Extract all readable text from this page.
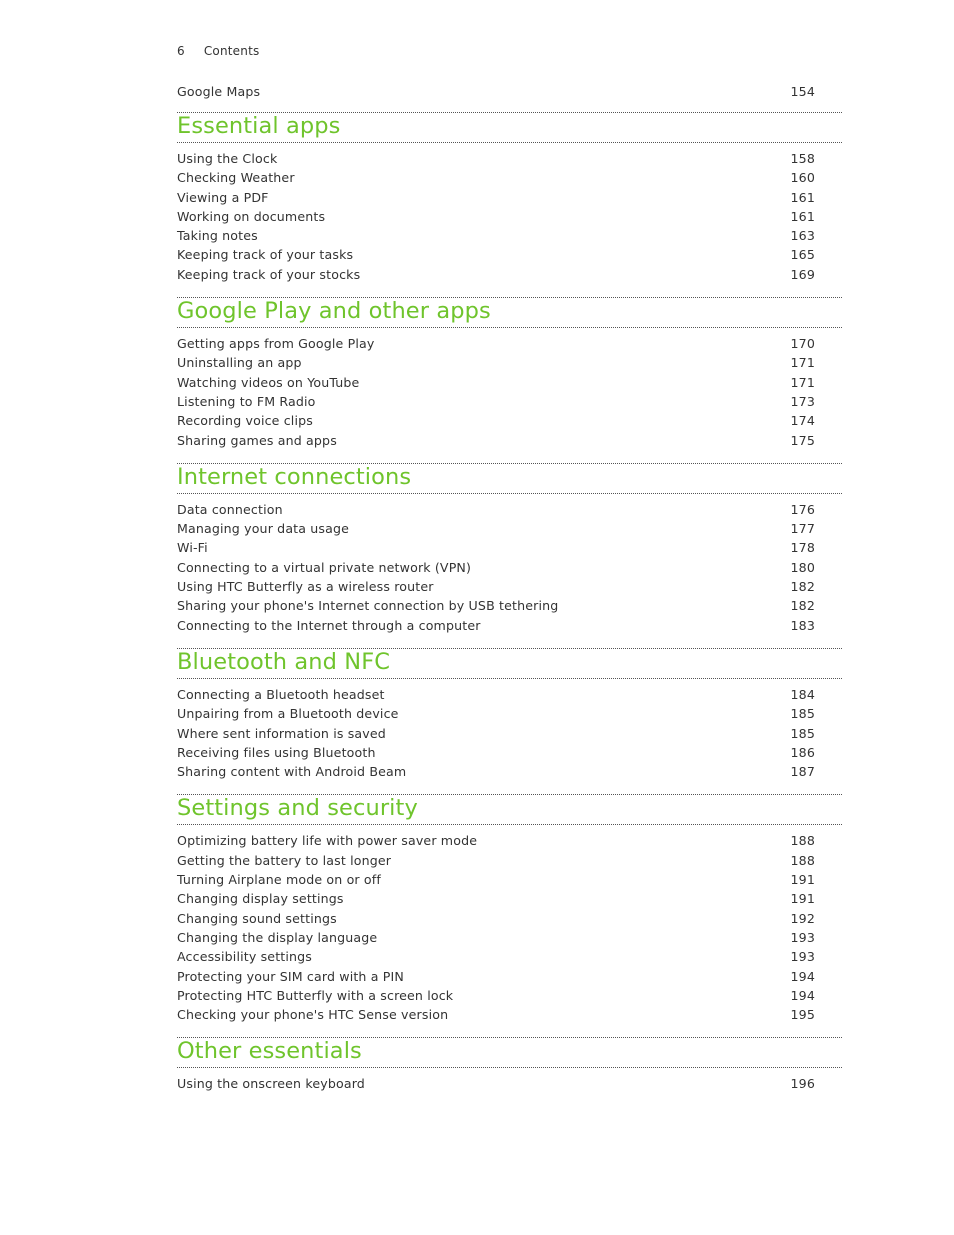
6 Contents
Google Maps	154
Essential apps
Using the Clock	158
Checking Weather	160
Viewing a PDF	161
Working on documents	161
Taking notes	163
Keeping track of your tasks	165
Keeping track of your stocks	169
Google Play and other apps
Getting apps from Google Play	170
Uninstalling an app	171
Watching videos on YouTube	171
Listening to FM Radio	173
Recording voice clips	174
Sharing games and apps	175
Internet connections
Data connection	176
Managing your data usage	177
Wi-Fi	178
Connecting to a virtual private network (VPN)	180
Using HTC Butterfly as a wireless router	182
Sharing your phone's Internet connection by USB tethering	182
Connecting to the Internet through a computer	183
Bluetooth and NFC
Connecting a Bluetooth headset	184
Unpairing from a Bluetooth device	185
Where sent information is saved	185
Receiving files using Bluetooth	186
Sharing content with Android Beam	187
Settings and security
Optimizing battery life with power saver mode	188
Getting the battery to last longer	188
Turning Airplane mode on or off	191
Changing display settings	191
Changing sound settings	192
Changing the display language	193
Accessibility settings	193
Protecting your SIM card with a PIN	194
Protecting HTC Butterfly with a screen lock	194
Checking your phone's HTC Sense version	195
Other essentials
Using the onscreen keyboard	196
